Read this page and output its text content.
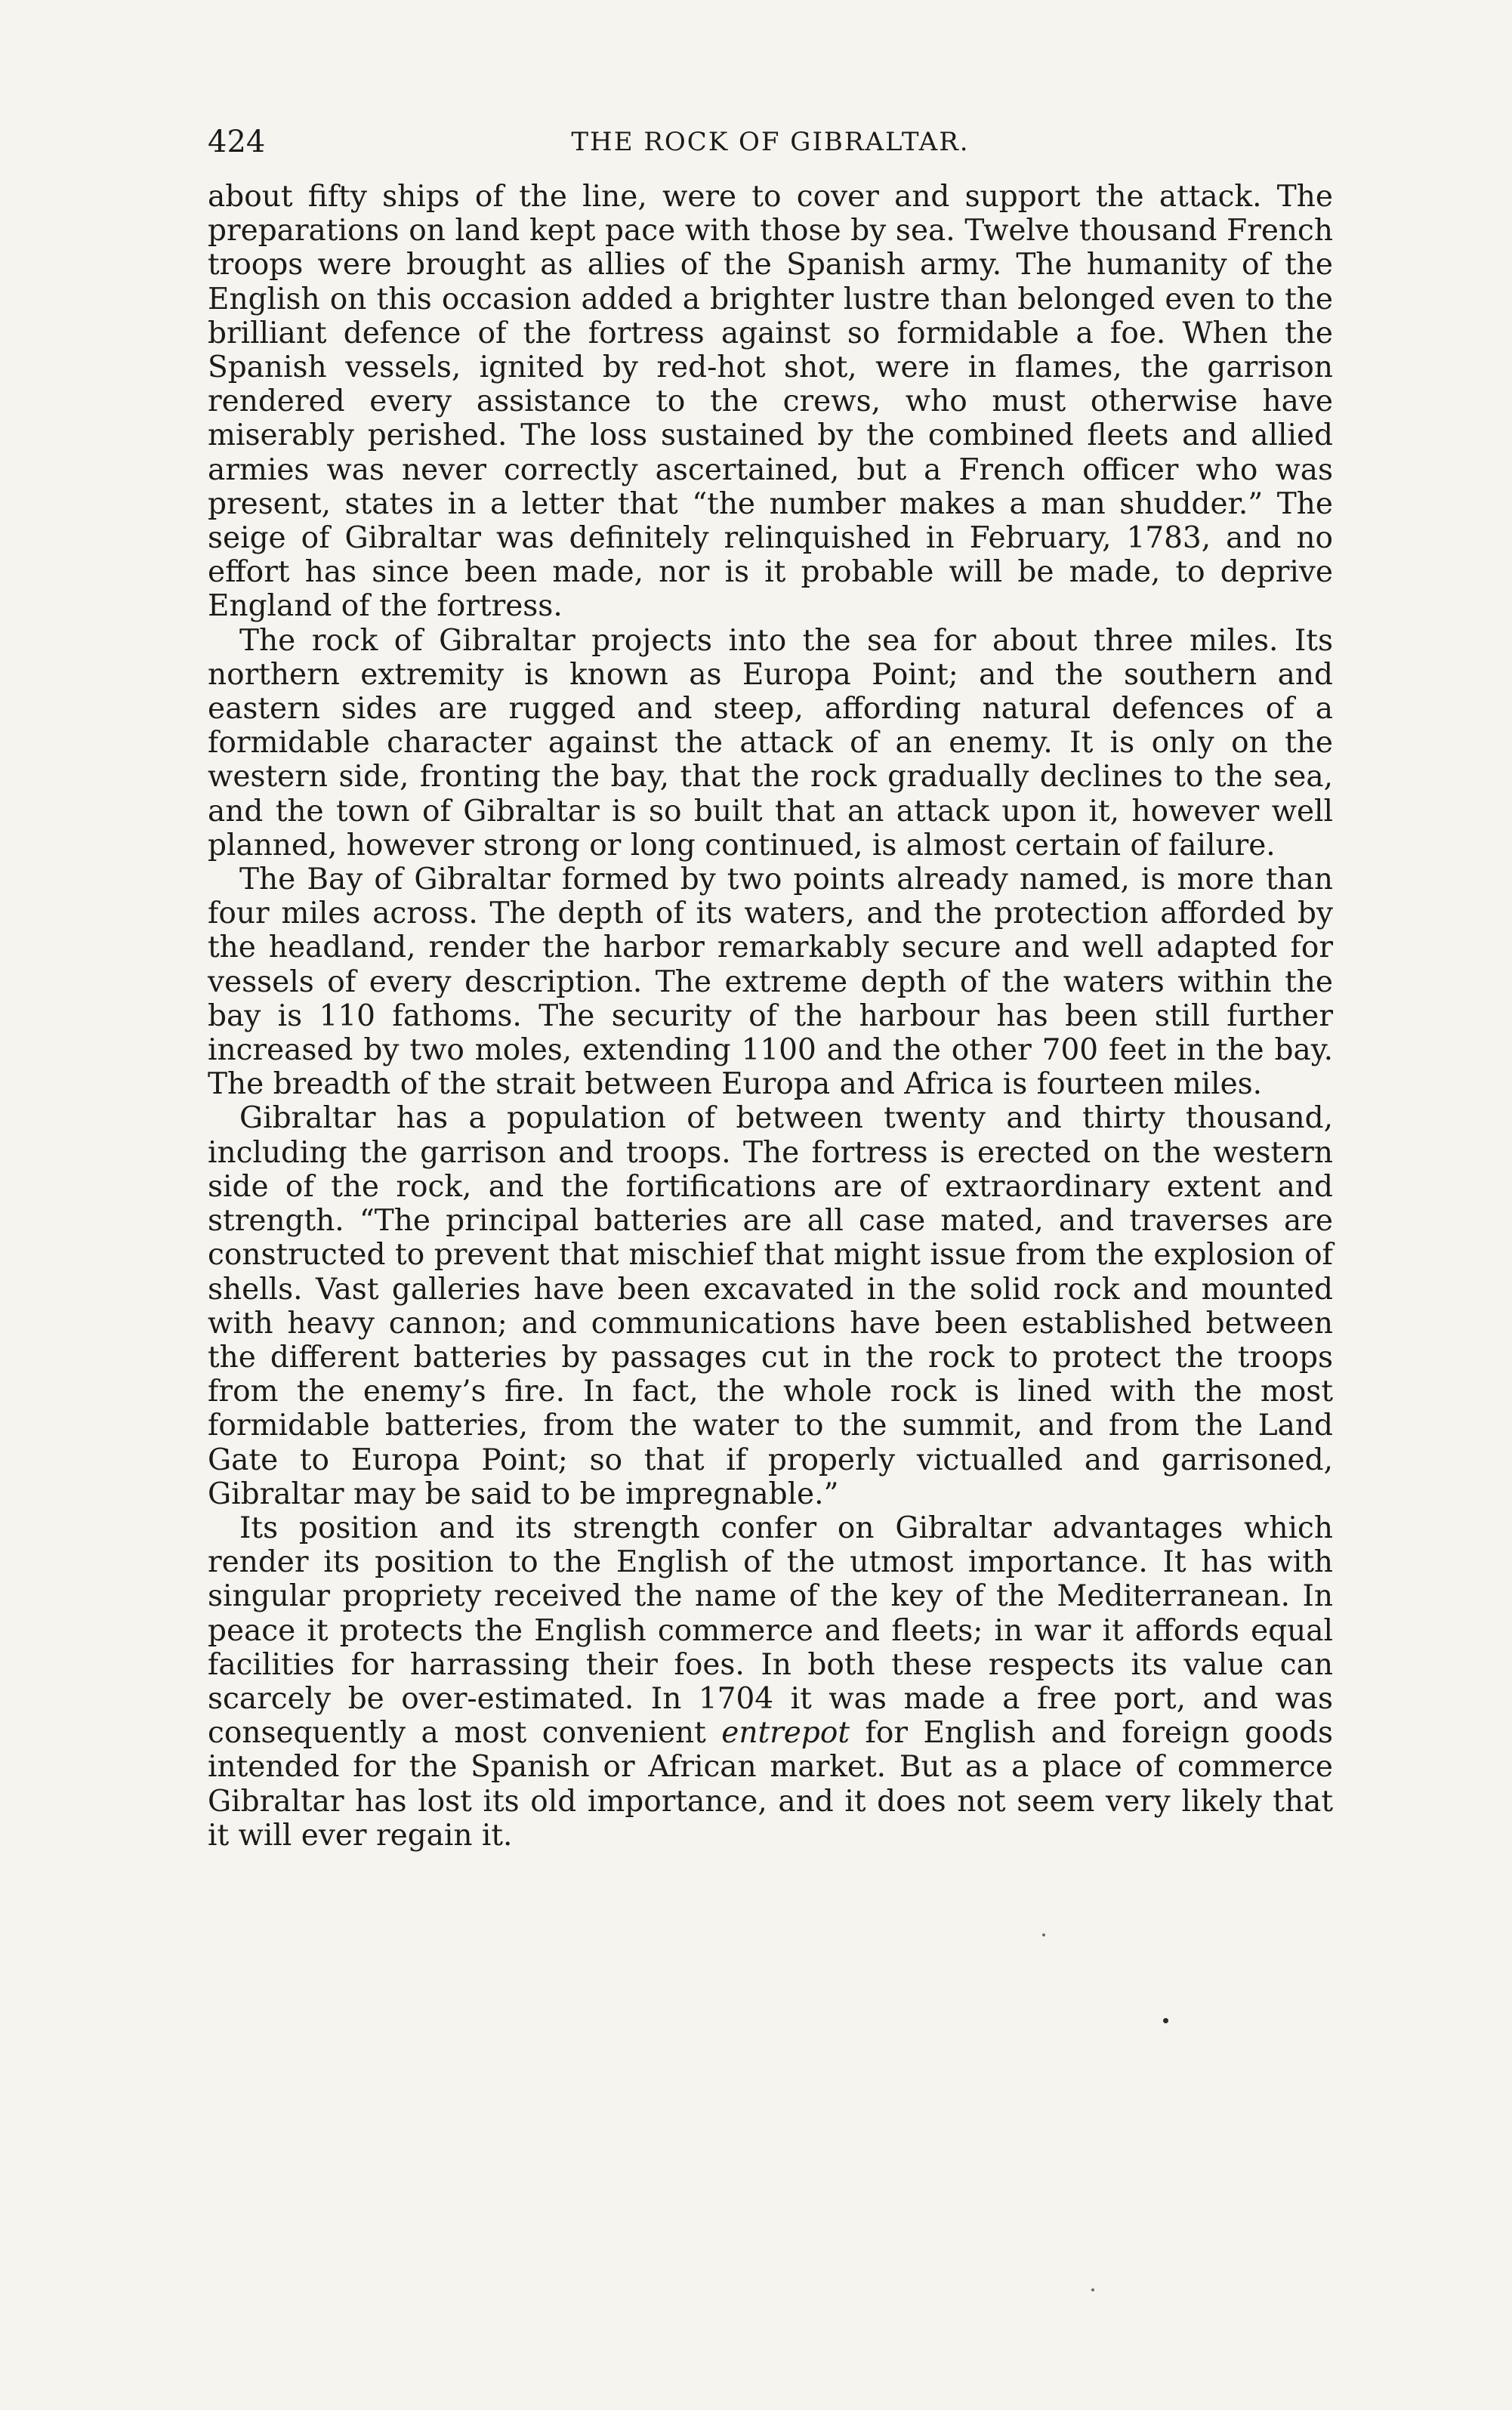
424	THE ROCK OF GIBRALTAR.

about fifty ships of the line, were to cover and support the attack. The preparations on land kept pace with those by sea. Twelve thousand French troops were brought as allies of the Spanish army. The humanity of the English on this occasion added a brighter lustre than belonged even to the brilliant defence of the fortress against so formidable a foe. When the Spanish vessels, ignited by red-hot shot, were in flames, the garrison rendered every assistance to the crews, who must otherwise have miserably perished. The loss sustained by the combined fleets and allied armies was never correctly ascertained, but a French officer who was present, states in a letter that “the number makes a man shudder.” The seige of Gibraltar was definitely relinquished in February, 1783, and no effort has since been made, nor is it probable will be made, to deprive England of the fortress.

The rock of Gibraltar projects into the sea for about three miles. Its northern extremity is known as Europa Point; and the southern and eastern sides are rugged and steep, affording natural defences of a formidable character against the attack of an enemy. It is only on the western side, fronting the bay, that the rock gradually declines to the sea, and the town of Gibraltar is so built that an attack upon it, however well planned, however strong or long continued, is almost certain of failure.

The Bay of Gibraltar formed by two points already named, is more than four miles across. The depth of its waters, and the protection afforded by the headland, render the harbor remarkably secure and well adapted for vessels of every description. The extreme depth of the waters within the bay is 110 fathoms. The security of the harbour has been still further increased by two moles, extending 1100 and the other 700 feet in the bay. The breadth of the strait between Europa and Africa is fourteen miles.

Gibraltar has a population of between twenty and thirty thousand, including the garrison and troops. The fortress is erected on the western side of the rock, and the fortifications are of extraordinary extent and strength. “The principal batteries are all case mated, and traverses are constructed to prevent that mischief that might issue from the explosion of shells. Vast galleries have been excavated in the solid rock and mounted with heavy cannon; and communications have been established between the different batteries by passages cut in the rock to protect the troops from the enemy’s fire. In fact, the whole rock is lined with the most formidable batteries, from the water to the summit, and from the Land Gate to Europa Point; so that if properly victualled and garrisoned, Gibraltar may be said to be impregnable.”

Its position and its strength confer on Gibraltar advantages which render its position to the English of the utmost importance. It has with singular propriety received the name of the key of the Mediterranean. In peace it protects the English commerce and fleets; in war it affords equal facilities for harrassing their foes. In both these respects its value can scarcely be over-estimated. In 1704 it was made a free port, and was consequently a most convenient entrepot for English and foreign goods intended for the Spanish or African market. But as a place of commerce Gibraltar has lost its old importance, and it does not seem very likely that it will ever regain it.
